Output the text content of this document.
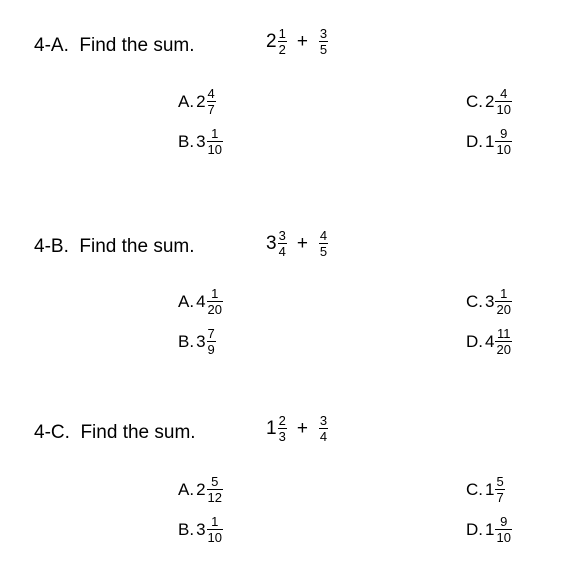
4-A.  Find the sum.	$2 \frac{1}{2} + \frac{3}{5}$
A. $2 \frac{4}{7}$
B. $3 \frac{1}{10}$
C. $2 \frac{4}{10}$
D. $1 \frac{9}{10}$
4-B.  Find the sum.	$3 \frac{3}{4} + \frac{4}{5}$
A. $4 \frac{1}{20}$
B. $3 \frac{7}{9}$
C. $3 \frac{1}{20}$
D. $4 \frac{11}{20}$
4-C.  Find the sum.	$1 \frac{2}{3} + \frac{3}{4}$
A. $2 \frac{5}{12}$
B. $3 \frac{1}{10}$
C. $1 \frac{5}{7}$
D. $1 \frac{9}{10}$
